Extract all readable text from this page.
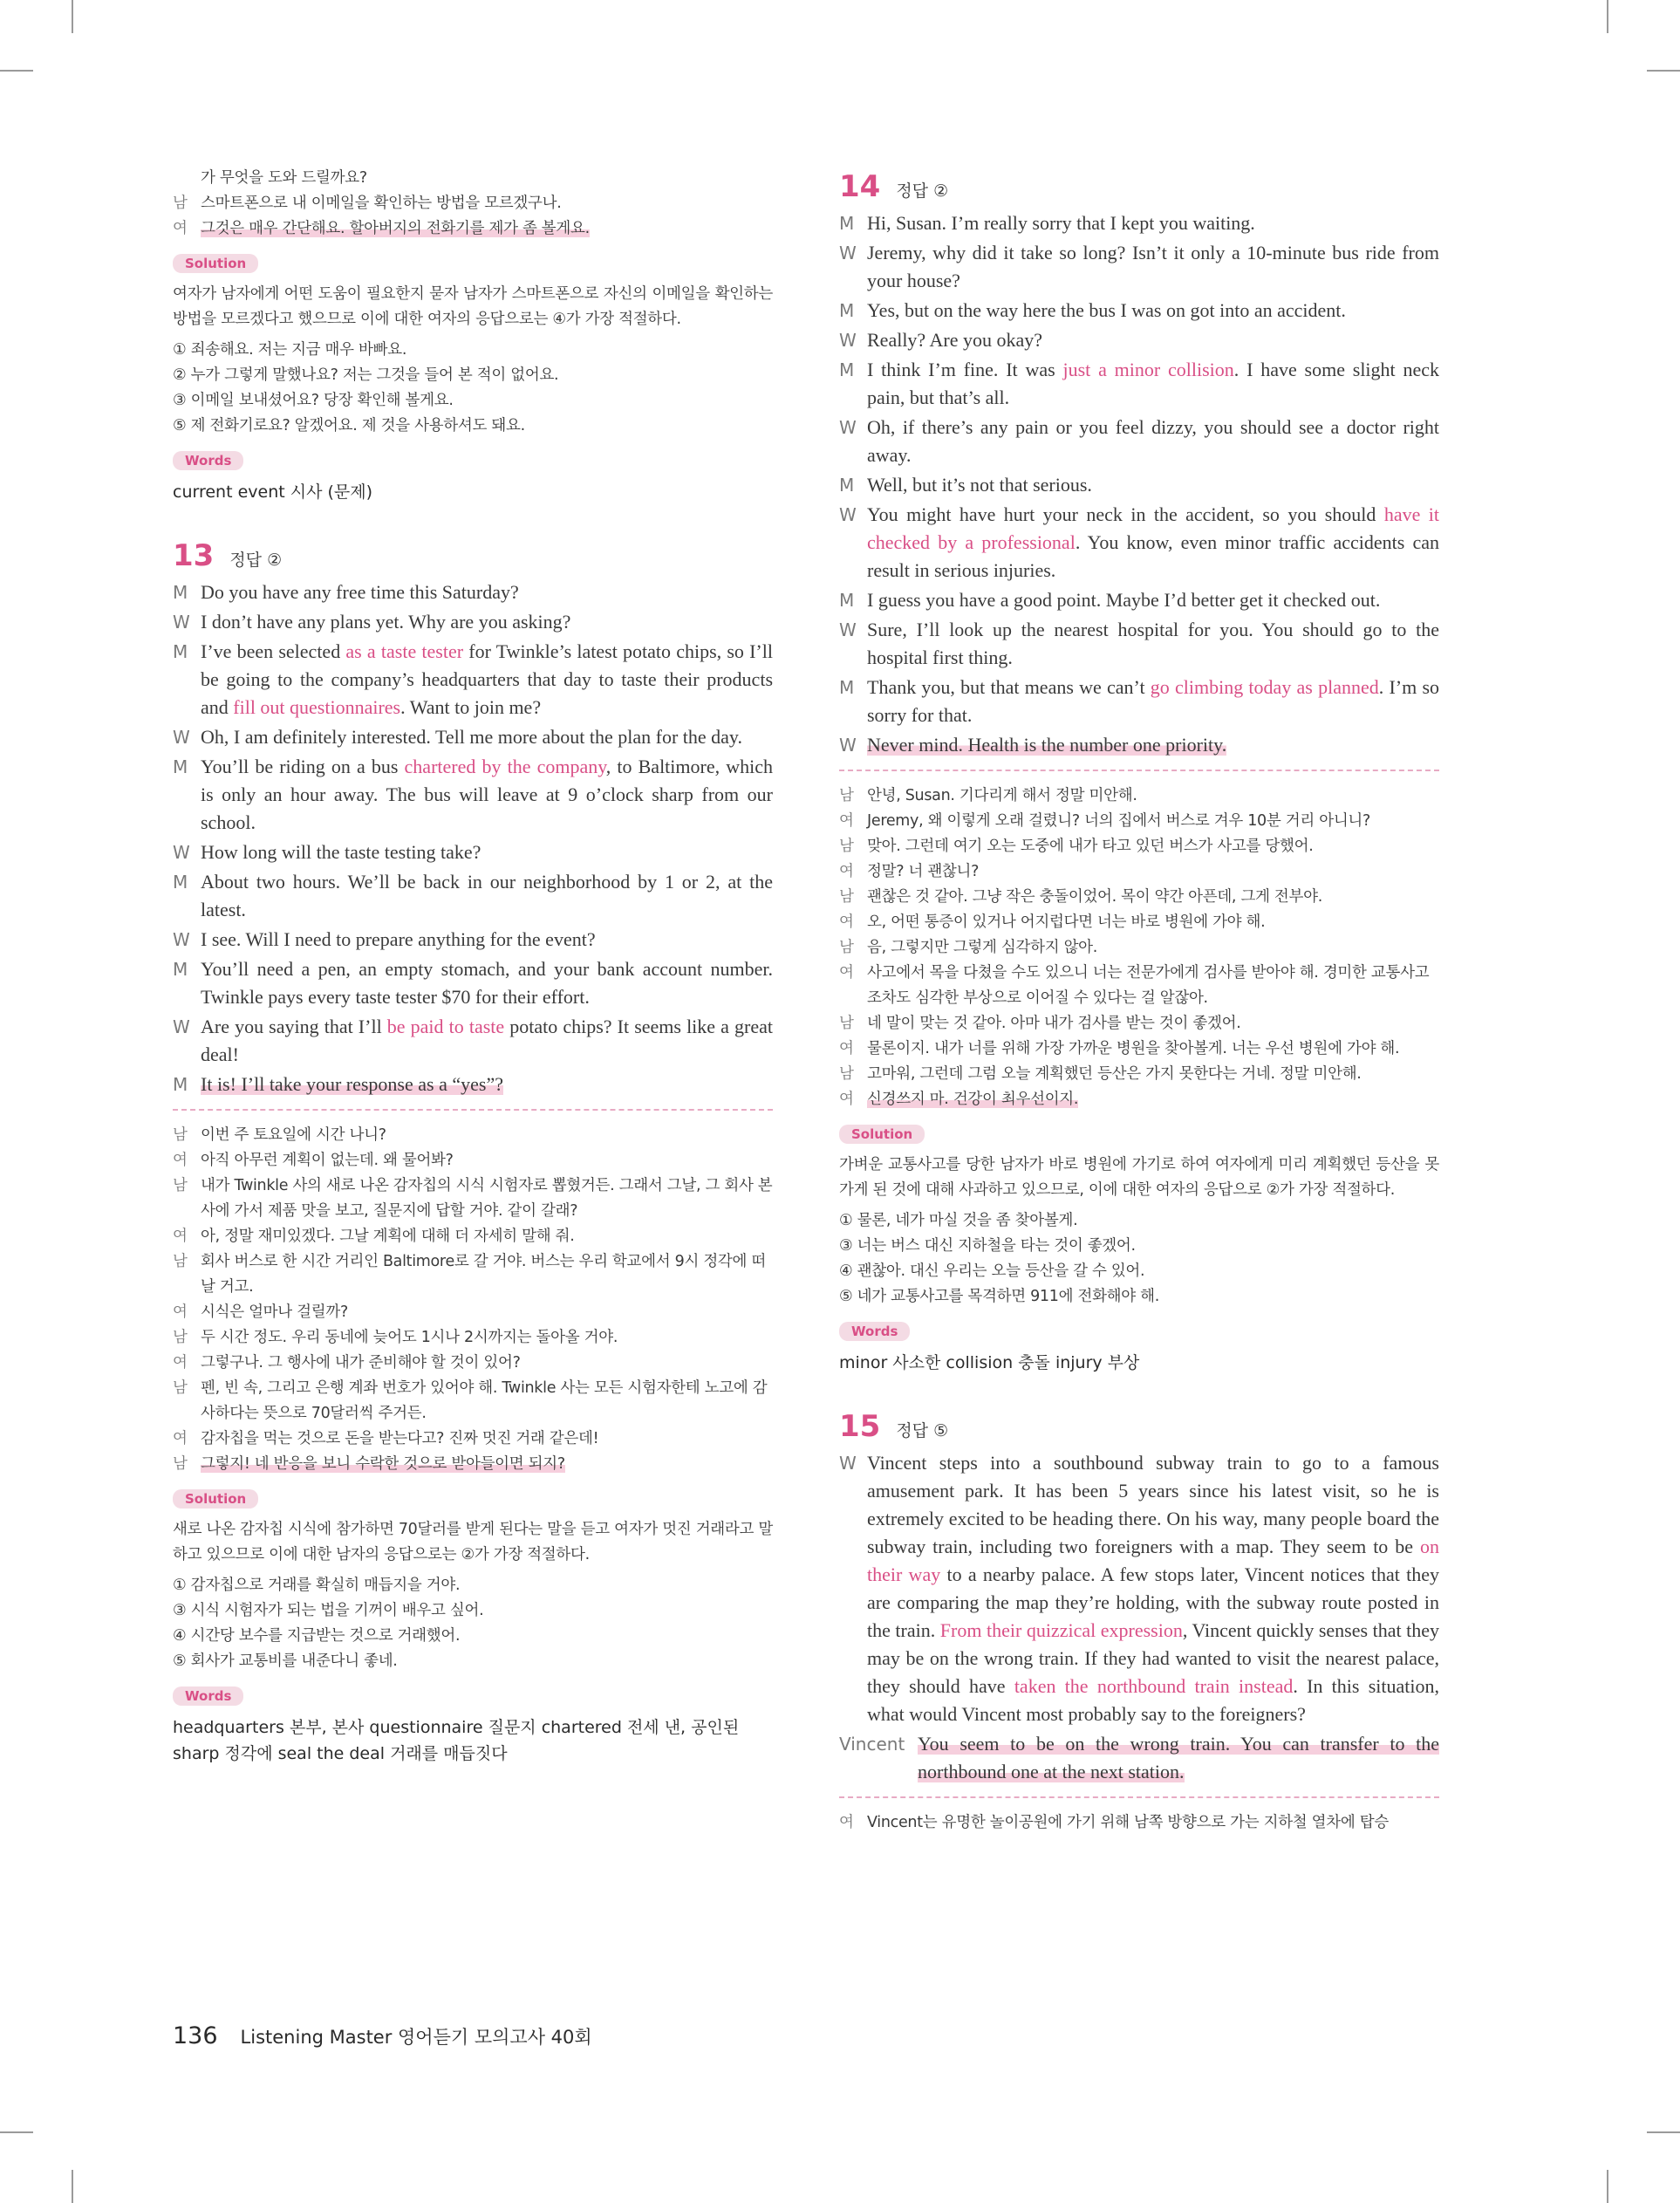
가 무엇을 도와 드릴까요?
남 스마트폰으로 내 이메일을 확인하는 방법을 모르겠구나.
여 그것은 매우 간단해요. 할아버지의 전화기를 제가 좀 볼게요.
Solution
여자가 남자에게 어떤 도움이 필요한지 묻자 남자가 스마트폰으로 자신의 이메일을 확인하는 방법을 모르겠다고 했으므로 이에 대한 여자의 응답으로는 ④가 가장 적절하다.
① 죄송해요. 저는 지금 매우 바빠요.
② 누가 그렇게 말했나요? 저는 그것을 들어 본 적이 없어요.
③ 이메일 보내셨어요? 당장 확인해 볼게요.
⑤ 제 전화기로요? 알겠어요. 제 것을 사용하셔도 돼요.
Words
current event 시사 (문제)
13 정답 ②
M Do you have any free time this Saturday?
W I don’t have any plans yet. Why are you asking?
M I’ve been selected as a taste tester for Twinkle’s latest potato chips, so I’ll be going to the company’s headquarters that day to taste their products and fill out questionnaires. Want to join me?
W Oh, I am definitely interested. Tell me more about the plan for the day.
M You’ll be riding on a bus chartered by the company, to Baltimore, which is only an hour away. The bus will leave at 9 o’clock sharp from our school.
W How long will the taste testing take?
M About two hours. We’ll be back in our neighborhood by 1 or 2, at the latest.
W I see. Will I need to prepare anything for the event?
M You’ll need a pen, an empty stomach, and your bank account number. Twinkle pays every taste tester $70 for their effort.
W Are you saying that I’ll be paid to taste potato chips? It seems like a great deal!
M It is! I’ll take your response as a “yes”?
남 이번 주 토요일에 시간 나니?
여 아직 아무런 계획이 없는데. 왜 물어봐?
남 내가 Twinkle 사의 새로 나온 감자칩의 시식 시험자로 뽑혔거든. 그래서 그날, 그 회사 본사에 가서 제품 맛을 보고, 질문지에 답할 거야. 같이 갈래?
여 아, 정말 재미있겠다. 그날 계획에 대해 더 자세히 말해 줘.
남 회사 버스로 한 시간 거리인 Baltimore로 갈 거야. 버스는 우리 학교에서 9시 정각에 떠날 거고.
여 시식은 얼마나 걸릴까?
남 두 시간 정도. 우리 동네에 늦어도 1시나 2시까지는 돌아올 거야.
여 그렇구나. 그 행사에 내가 준비해야 할 것이 있어?
남 펜, 빈 속, 그리고 은행 계좌 번호가 있어야 해. Twinkle 사는 모든 시험자한테 노고에 감사하다는 뜻으로 70달러씩 주거든.
여 감자칩을 먹는 것으로 돈을 받는다고? 진짜 멋진 거래 같은데!
남 그렇지! 네 반응을 보니 수락한 것으로 받아들이면 되지?
Solution
새로 나온 감자칩 시식에 참가하면 70달러를 받게 된다는 말을 듣고 여자가 멋진 거래라고 말하고 있으므로 이에 대한 남자의 응답으로는 ②가 가장 적절하다.
① 감자칩으로 거래를 확실히 매듭지을 거야.
③ 시식 시험자가 되는 법을 기꺼이 배우고 싶어.
④ 시간당 보수를 지급받는 것으로 거래했어.
⑤ 회사가 교통비를 내준다니 좋네.
Words
headquarters 본부, 본사 questionnaire 질문지 chartered 전세 낸, 공인된
sharp 정각에 seal the deal 거래를 매듭짓다
14 정답 ②
M Hi, Susan. I’m really sorry that I kept you waiting.
W Jeremy, why did it take so long? Isn’t it only a 10-minute bus ride from your house?
M Yes, but on the way here the bus I was on got into an accident.
W Really? Are you okay?
M I think I’m fine. It was just a minor collision. I have some slight neck pain, but that’s all.
W Oh, if there’s any pain or you feel dizzy, you should see a doctor right away.
M Well, but it’s not that serious.
W You might have hurt your neck in the accident, so you should have it checked by a professional. You know, even minor traffic accidents can result in serious injuries.
M I guess you have a good point. Maybe I’d better get it checked out.
W Sure, I’ll look up the nearest hospital for you. You should go to the hospital first thing.
M Thank you, but that means we can’t go climbing today as planned. I’m so sorry for that.
W Never mind. Health is the number one priority.
남 안녕, Susan. 기다리게 해서 정말 미안해.
여 Jeremy, 왜 이렇게 오래 걸렸니? 너의 집에서 버스로 겨우 10분 거리 아니니?
남 맞아. 그런데 여기 오는 도중에 내가 타고 있던 버스가 사고를 당했어.
여 정말? 너 괜찮니?
남 괜찮은 것 같아. 그냥 작은 충돌이었어. 목이 약간 아픈데, 그게 전부야.
여 오, 어떤 통증이 있거나 어지럽다면 너는 바로 병원에 가야 해.
남 음, 그렇지만 그렇게 심각하지 않아.
여 사고에서 목을 다쳤을 수도 있으니 너는 전문가에게 검사를 받아야 해. 경미한 교통사고조차도 심각한 부상으로 이어질 수 있다는 걸 알잖아.
남 네 말이 맞는 것 같아. 아마 내가 검사를 받는 것이 좋겠어.
여 물론이지. 내가 너를 위해 가장 가까운 병원을 찾아볼게. 너는 우선 병원에 가야 해.
남 고마워, 그런데 그럼 오늘 계획했던 등산은 가지 못한다는 거네. 정말 미안해.
여 신경쓰지 마. 건강이 최우선이지.
Solution
가벼운 교통사고를 당한 남자가 바로 병원에 가기로 하여 여자에게 미리 계획했던 등산을 못 가게 된 것에 대해 사과하고 있으므로, 이에 대한 여자의 응답으로 ②가 가장 적절하다.
① 물론, 네가 마실 것을 좀 찾아볼게.
③ 너는 버스 대신 지하철을 타는 것이 좋겠어.
④ 괜찮아. 대신 우리는 오늘 등산을 갈 수 있어.
⑤ 네가 교통사고를 목격하면 911에 전화해야 해.
Words
minor 사소한 collision 충돌 injury 부상
15 정답 ⑤
W Vincent steps into a southbound subway train to go to a famous amusement park. It has been 5 years since his latest visit, so he is extremely excited to be heading there. On his way, many people board the subway train, including two foreigners with a map. They seem to be on their way to a nearby palace. A few stops later, Vincent notices that they are comparing the map they’re holding, with the subway route posted in the train. From their quizzical expression, Vincent quickly senses that they may be on the wrong train. If they had wanted to visit the nearest palace, they should have taken the northbound train instead. In this situation, what would Vincent most probably say to the foreigners?
Vincent You seem to be on the wrong train. You can transfer to the northbound one at the next station.
여 Vincent는 유명한 놀이공원에 가기 위해 남쪽 방향으로 가는 지하철 열차에 탑승
136 Listening Master 영어듣기 모의고사 40회
